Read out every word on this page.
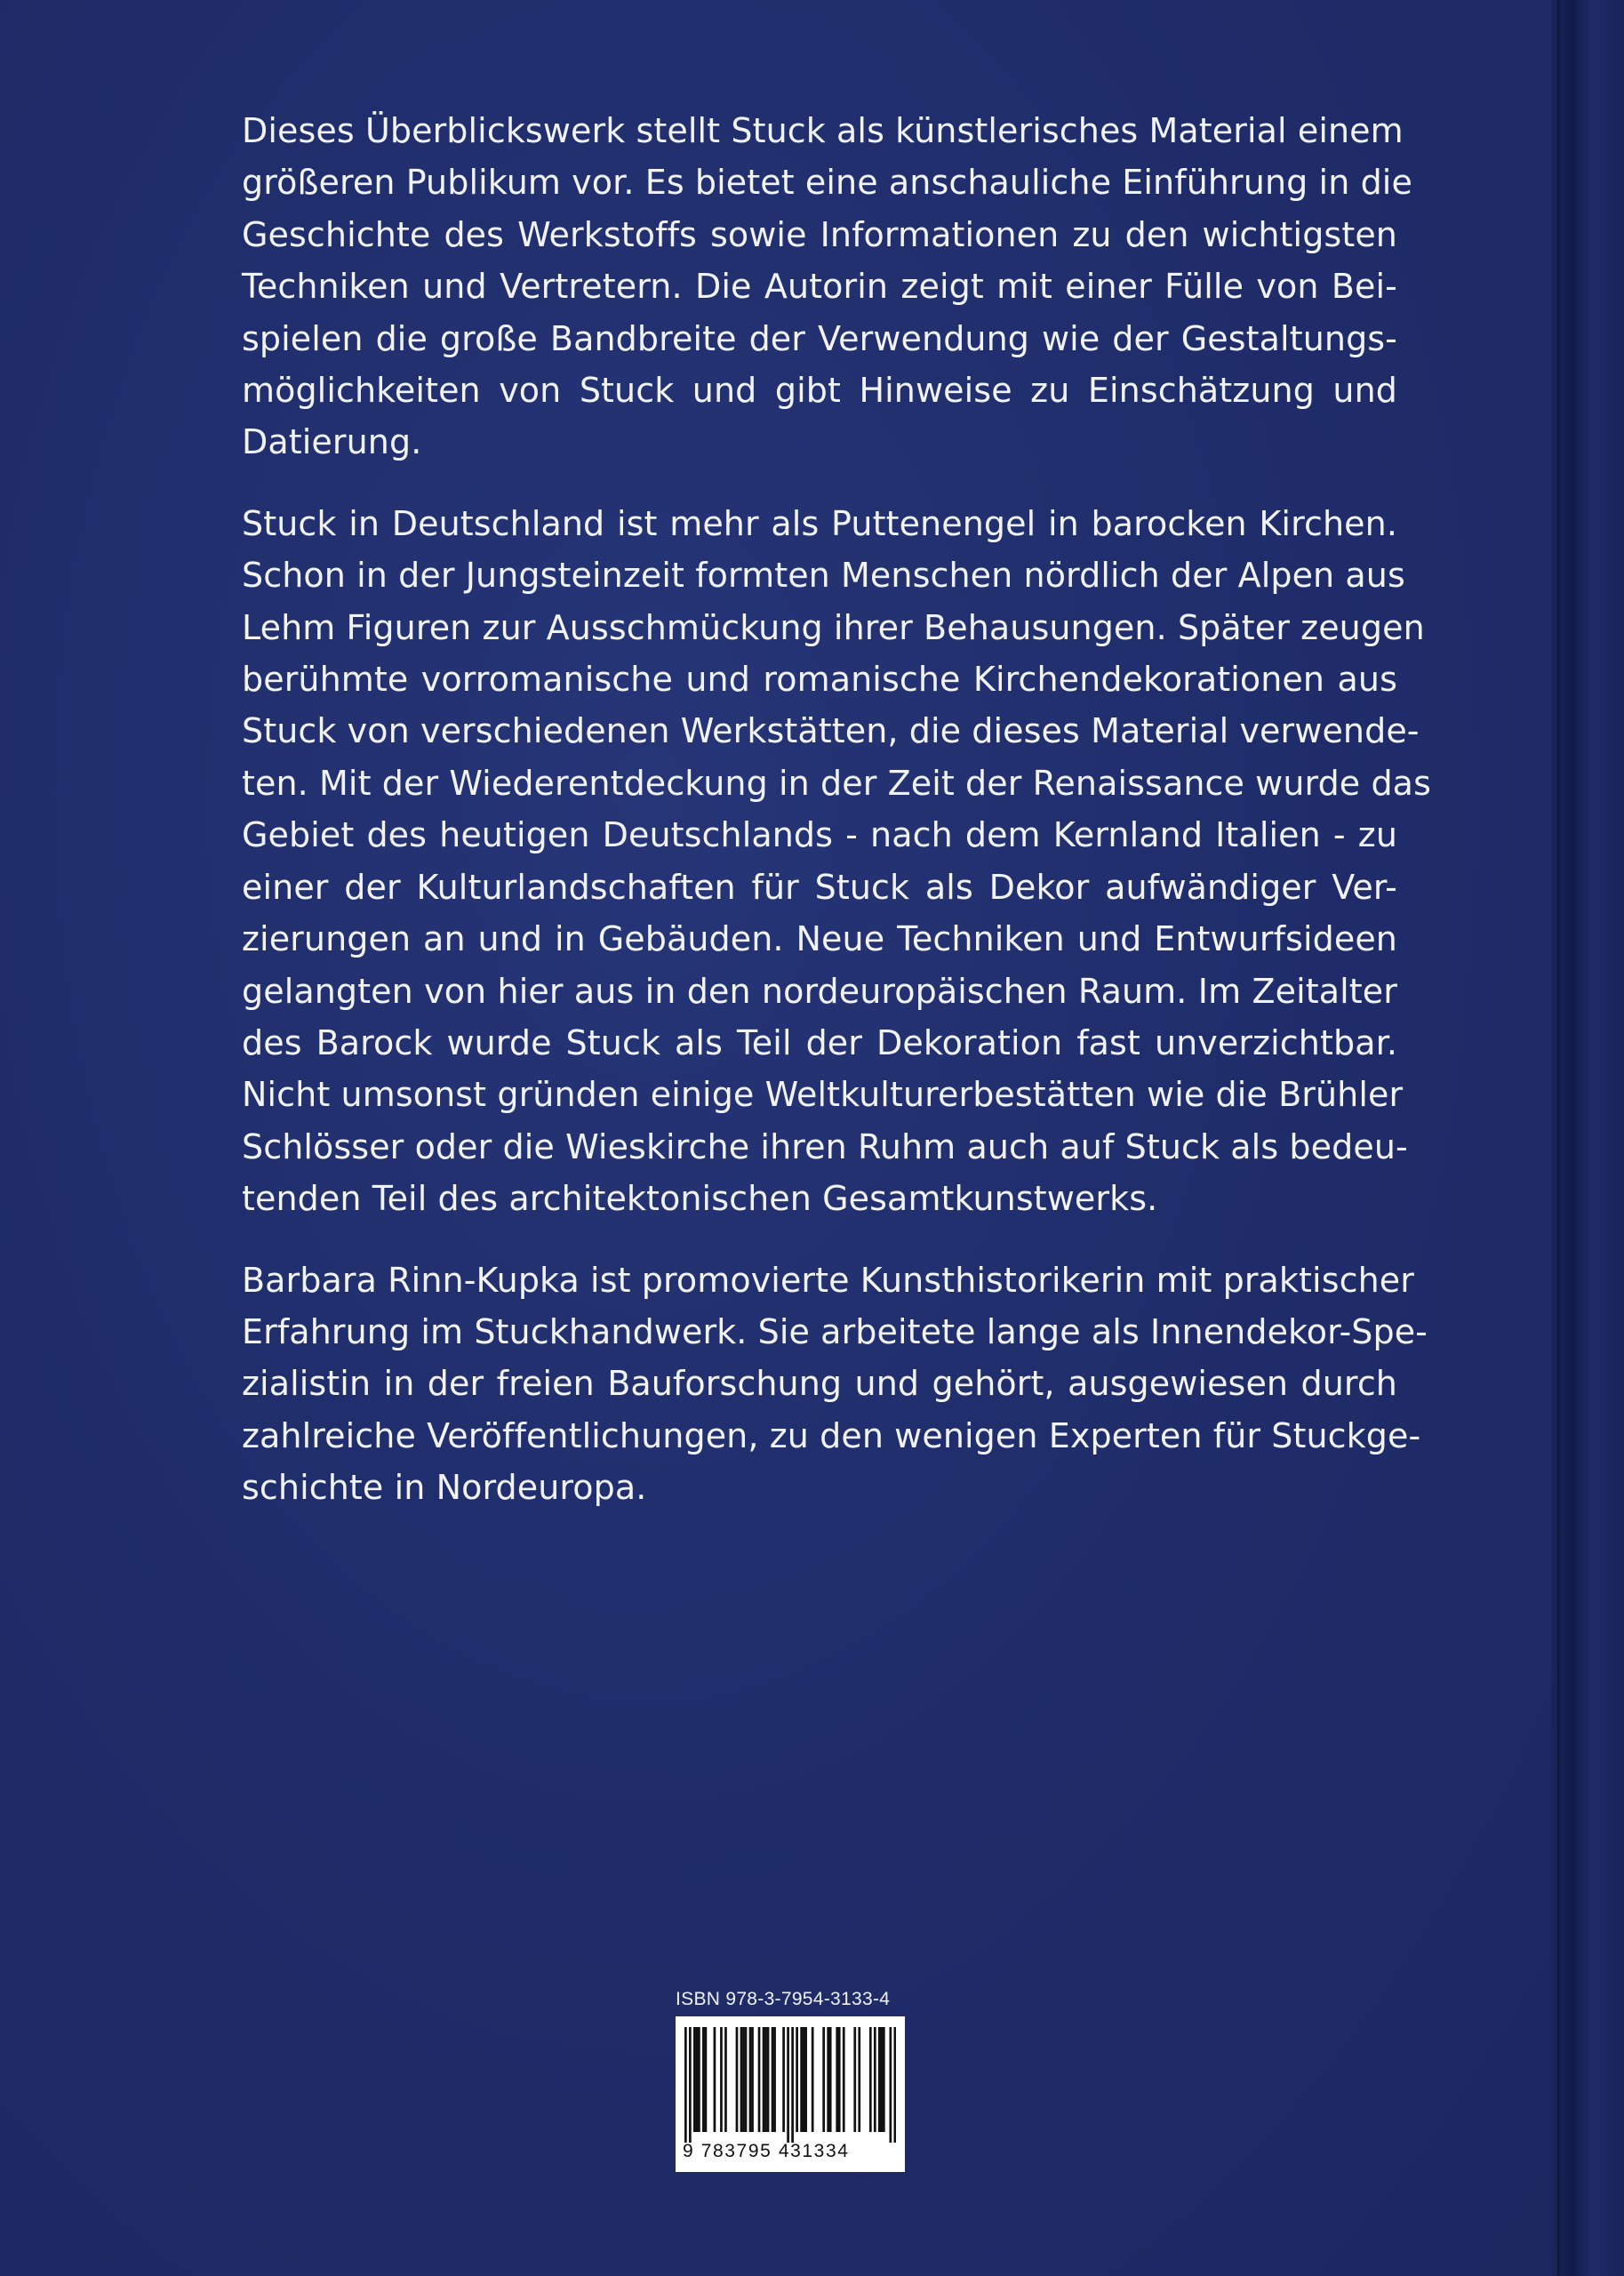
Dieses Überblickswerk stellt Stuck als künstlerisches Material einem
größeren Publikum vor. Es bietet eine anschauliche Einführung in die
Geschichte des Werkstoffs sowie Informationen zu den wichtigsten
Techniken und Vertretern. Die Autorin zeigt mit einer Fülle von Bei-
spielen die große Bandbreite der Verwendung wie der Gestaltungs-
möglichkeiten von Stuck und gibt Hinweise zu Einschätzung und
Datierung.
Stuck in Deutschland ist mehr als Puttenengel in barocken Kirchen.
Schon in der Jungsteinzeit formten Menschen nördlich der Alpen aus
Lehm Figuren zur Ausschmückung ihrer Behausungen. Später zeugen
berühmte vorromanische und romanische Kirchendekorationen aus
Stuck von verschiedenen Werkstätten, die dieses Material verwende-
ten. Mit der Wiederentdeckung in der Zeit der Renaissance wurde das
Gebiet des heutigen Deutschlands - nach dem Kernland Italien - zu
einer der Kulturlandschaften für Stuck als Dekor aufwändiger Ver-
zierungen an und in Gebäuden. Neue Techniken und Entwurfsideen
gelangten von hier aus in den nordeuropäischen Raum. Im Zeitalter
des Barock wurde Stuck als Teil der Dekoration fast unverzichtbar.
Nicht umsonst gründen einige Weltkulturerbestätten wie die Brühler
Schlösser oder die Wieskirche ihren Ruhm auch auf Stuck als bedeu-
tenden Teil des architektonischen Gesamtkunstwerks.
Barbara Rinn-Kupka ist promovierte Kunsthistorikerin mit praktischer
Erfahrung im Stuckhandwerk. Sie arbeitete lange als Innendekor-Spe-
zialistin in der freien Bauforschung und gehört, ausgewiesen durch
zahlreiche Veröffentlichungen, zu den wenigen Experten für Stuckge-
schichte in Nordeuropa.
ISBN 978-3-7954-3133-4
9 783795 431334
